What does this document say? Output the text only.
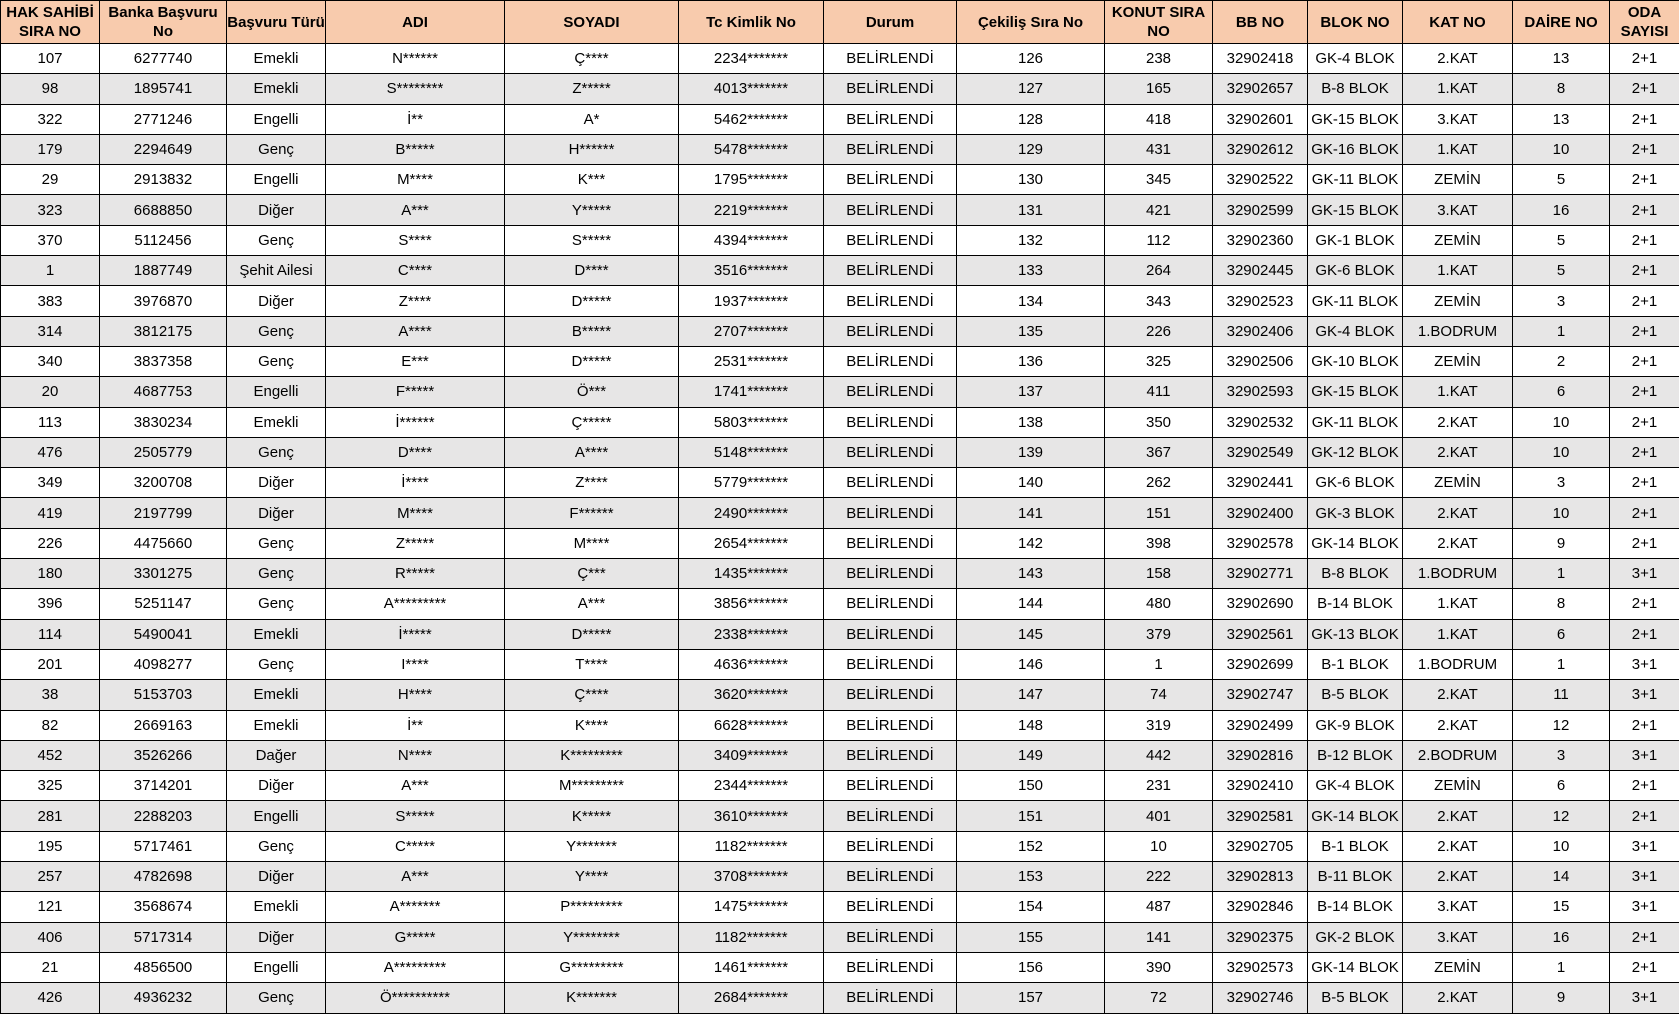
HAK SAHİBİ SIRA NO	Banka Başvuru No	Başvuru Türü	ADI	SOYADI	Tc Kimlik No	Durum	Çekiliş Sıra No	KONUT SIRA NO	BB NO	BLOK NO	KAT NO	DAİRE NO	ODA SAYISI
107	6277740	Emekli	N******	Ç****	2234*******	BELİRLENDİ	126	238	32902418	GK-4 BLOK	2.KAT	13	2+1
98	1895741	Emekli	S********	Z*****	4013*******	BELİRLENDİ	127	165	32902657	B-8 BLOK	1.KAT	8	2+1
322	2771246	Engelli	İ**	A*	5462*******	BELİRLENDİ	128	418	32902601	GK-15 BLOK	3.KAT	13	2+1
179	2294649	Genç	B*****	H******	5478*******	BELİRLENDİ	129	431	32902612	GK-16 BLOK	1.KAT	10	2+1
29	2913832	Engelli	M****	K***	1795*******	BELİRLENDİ	130	345	32902522	GK-11 BLOK	ZEMİN	5	2+1
323	6688850	Diğer	A***	Y*****	2219*******	BELİRLENDİ	131	421	32902599	GK-15 BLOK	3.KAT	16	2+1
370	5112456	Genç	S****	S*****	4394*******	BELİRLENDİ	132	112	32902360	GK-1 BLOK	ZEMİN	5	2+1
1	1887749	Şehit Ailesi	C****	D****	3516*******	BELİRLENDİ	133	264	32902445	GK-6 BLOK	1.KAT	5	2+1
383	3976870	Diğer	Z****	D*****	1937*******	BELİRLENDİ	134	343	32902523	GK-11 BLOK	ZEMİN	3	2+1
314	3812175	Genç	A****	B*****	2707*******	BELİRLENDİ	135	226	32902406	GK-4 BLOK	1.BODRUM	1	2+1
340	3837358	Genç	E***	D*****	2531*******	BELİRLENDİ	136	325	32902506	GK-10 BLOK	ZEMİN	2	2+1
20	4687753	Engelli	F*****	Ö***	1741*******	BELİRLENDİ	137	411	32902593	GK-15 BLOK	1.KAT	6	2+1
113	3830234	Emekli	İ******	Ç*****	5803*******	BELİRLENDİ	138	350	32902532	GK-11 BLOK	2.KAT	10	2+1
476	2505779	Genç	D****	A****	5148*******	BELİRLENDİ	139	367	32902549	GK-12 BLOK	2.KAT	10	2+1
349	3200708	Diğer	İ****	Z****	5779*******	BELİRLENDİ	140	262	32902441	GK-6 BLOK	ZEMİN	3	2+1
419	2197799	Diğer	M****	F******	2490*******	BELİRLENDİ	141	151	32902400	GK-3 BLOK	2.KAT	10	2+1
226	4475660	Genç	Z*****	M****	2654*******	BELİRLENDİ	142	398	32902578	GK-14 BLOK	2.KAT	9	2+1
180	3301275	Genç	R*****	Ç***	1435*******	BELİRLENDİ	143	158	32902771	B-8 BLOK	1.BODRUM	1	3+1
396	5251147	Genç	A*********	A***	3856*******	BELİRLENDİ	144	480	32902690	B-14 BLOK	1.KAT	8	2+1
114	5490041	Emekli	İ*****	D*****	2338*******	BELİRLENDİ	145	379	32902561	GK-13 BLOK	1.KAT	6	2+1
201	4098277	Genç	I****	T****	4636*******	BELİRLENDİ	146	1	32902699	B-1 BLOK	1.BODRUM	1	3+1
38	5153703	Emekli	H****	Ç****	3620*******	BELİRLENDİ	147	74	32902747	B-5 BLOK	2.KAT	11	3+1
82	2669163	Emekli	İ**	K****	6628*******	BELİRLENDİ	148	319	32902499	GK-9 BLOK	2.KAT	12	2+1
452	3526266	Dağer	N****	K*********	3409*******	BELİRLENDİ	149	442	32902816	B-12 BLOK	2.BODRUM	3	3+1
325	3714201	Diğer	A***	M*********	2344*******	BELİRLENDİ	150	231	32902410	GK-4 BLOK	ZEMİN	6	2+1
281	2288203	Engelli	S*****	K*****	3610*******	BELİRLENDİ	151	401	32902581	GK-14 BLOK	2.KAT	12	2+1
195	5717461	Genç	C*****	Y*******	1182*******	BELİRLENDİ	152	10	32902705	B-1 BLOK	2.KAT	10	3+1
257	4782698	Diğer	A***	Y****	3708*******	BELİRLENDİ	153	222	32902813	B-11 BLOK	2.KAT	14	3+1
121	3568674	Emekli	A*******	P*********	1475*******	BELİRLENDİ	154	487	32902846	B-14 BLOK	3.KAT	15	3+1
406	5717314	Diğer	G*****	Y********	1182*******	BELİRLENDİ	155	141	32902375	GK-2 BLOK	3.KAT	16	2+1
21	4856500	Engelli	A*********	G*********	1461*******	BELİRLENDİ	156	390	32902573	GK-14 BLOK	ZEMİN	1	2+1
426	4936232	Genç	Ö**********	K*******	2684*******	BELİRLENDİ	157	72	32902746	B-5 BLOK	2.KAT	9	3+1
